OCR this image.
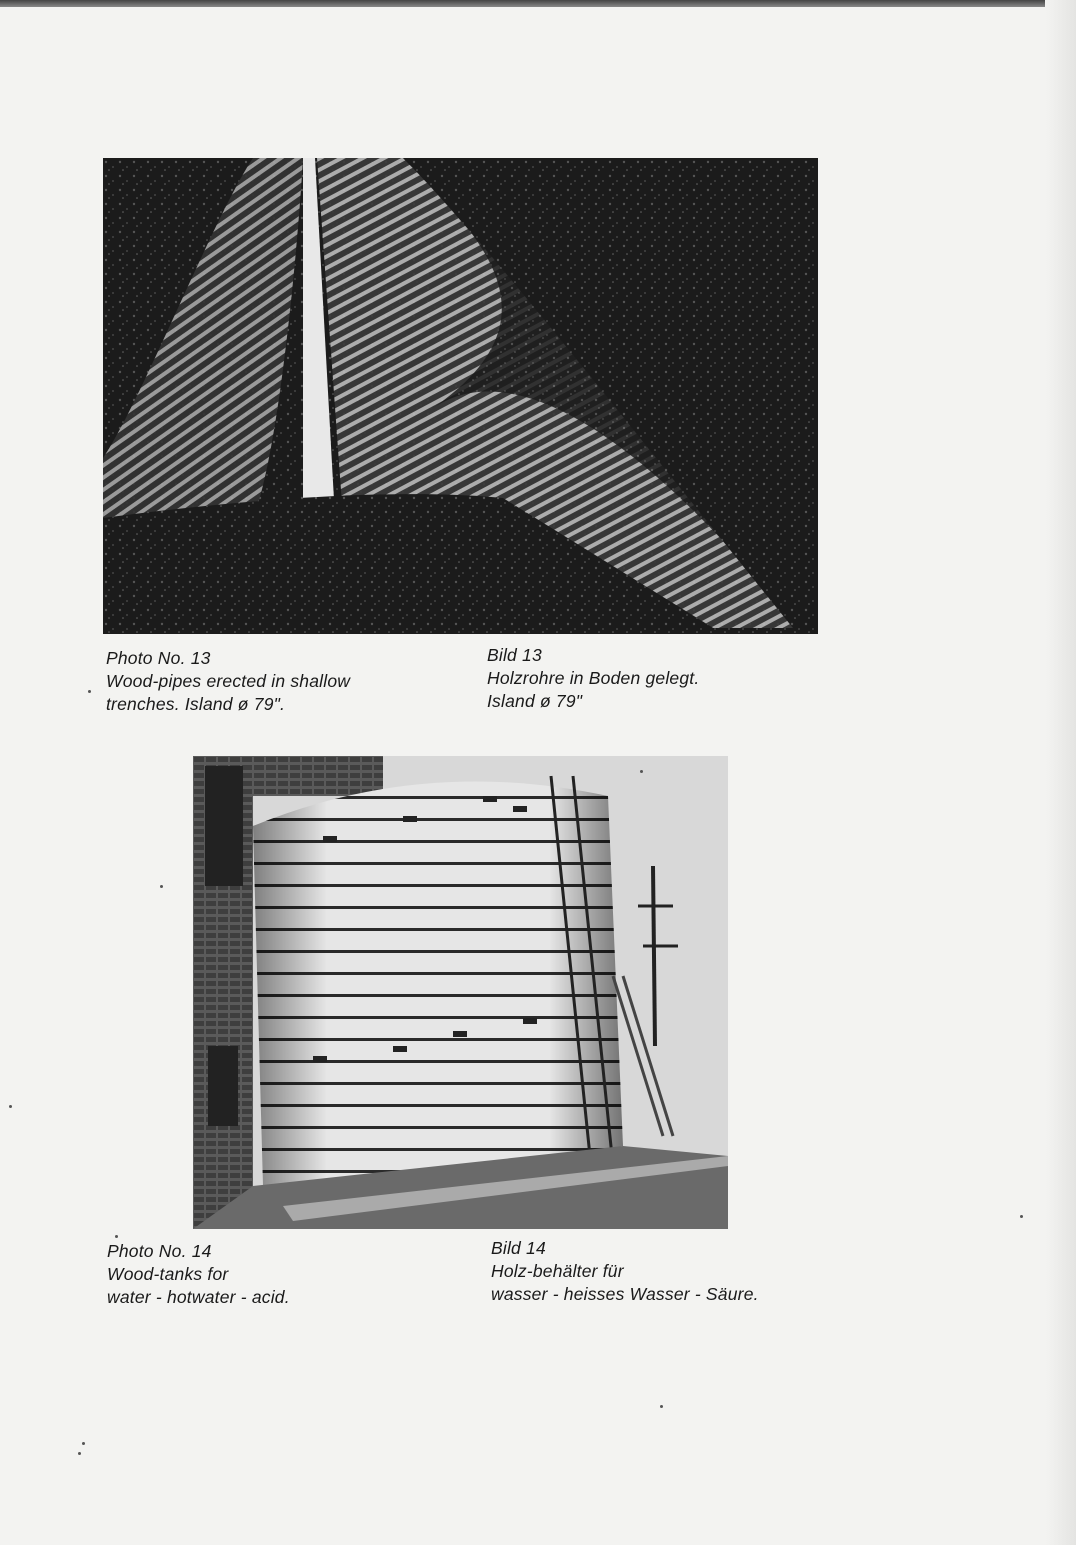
Photo No. 13
Wood-pipes erected in shallow
trenches. Island ø 79".
Bild 13
Holzrohre in Boden gelegt.
Island ø 79"
Photo No. 14
Wood-tanks for
water - hotwater - acid.
Bild 14
Holz-behälter für
wasser - heisses Wasser - Säure.
